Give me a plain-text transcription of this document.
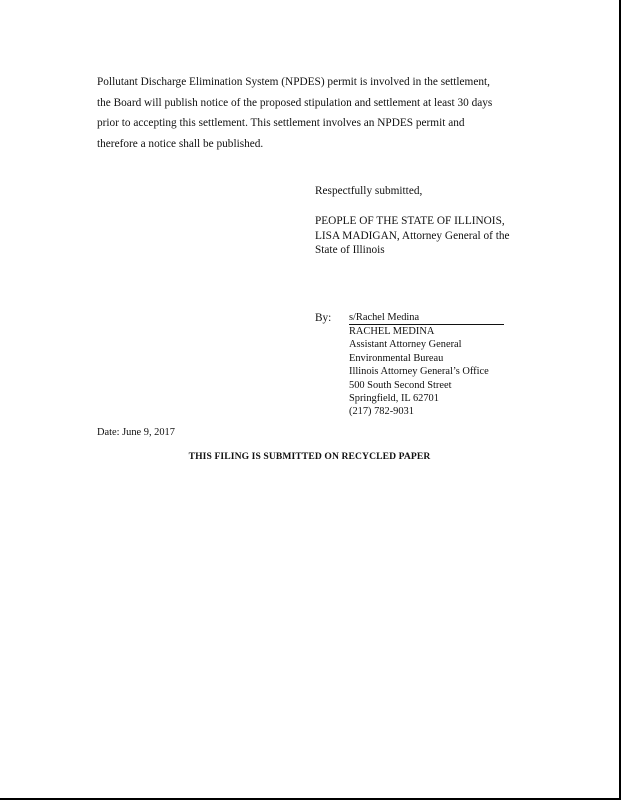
Pollutant Discharge Elimination System (NPDES) permit is involved in the settlement,
the Board will publish notice of the proposed stipulation and settlement at least 30 days
prior to accepting this settlement. This settlement involves an NPDES permit and
therefore a notice shall be published.

Respectfully submitted,

PEOPLE OF THE STATE OF ILLINOIS,
LISA MADIGAN, Attorney General of the
State of Illinois
By: s/Rachel Medina
RACHEL MEDINA
Assistant Attorney General
Environmental Bureau
Illinois Attorney General’s Office
500 South Second Street
Springfield, IL 62701
(217) 782-9031
Date: June 9, 2017
THIS FILING IS SUBMITTED ON RECYCLED PAPER
